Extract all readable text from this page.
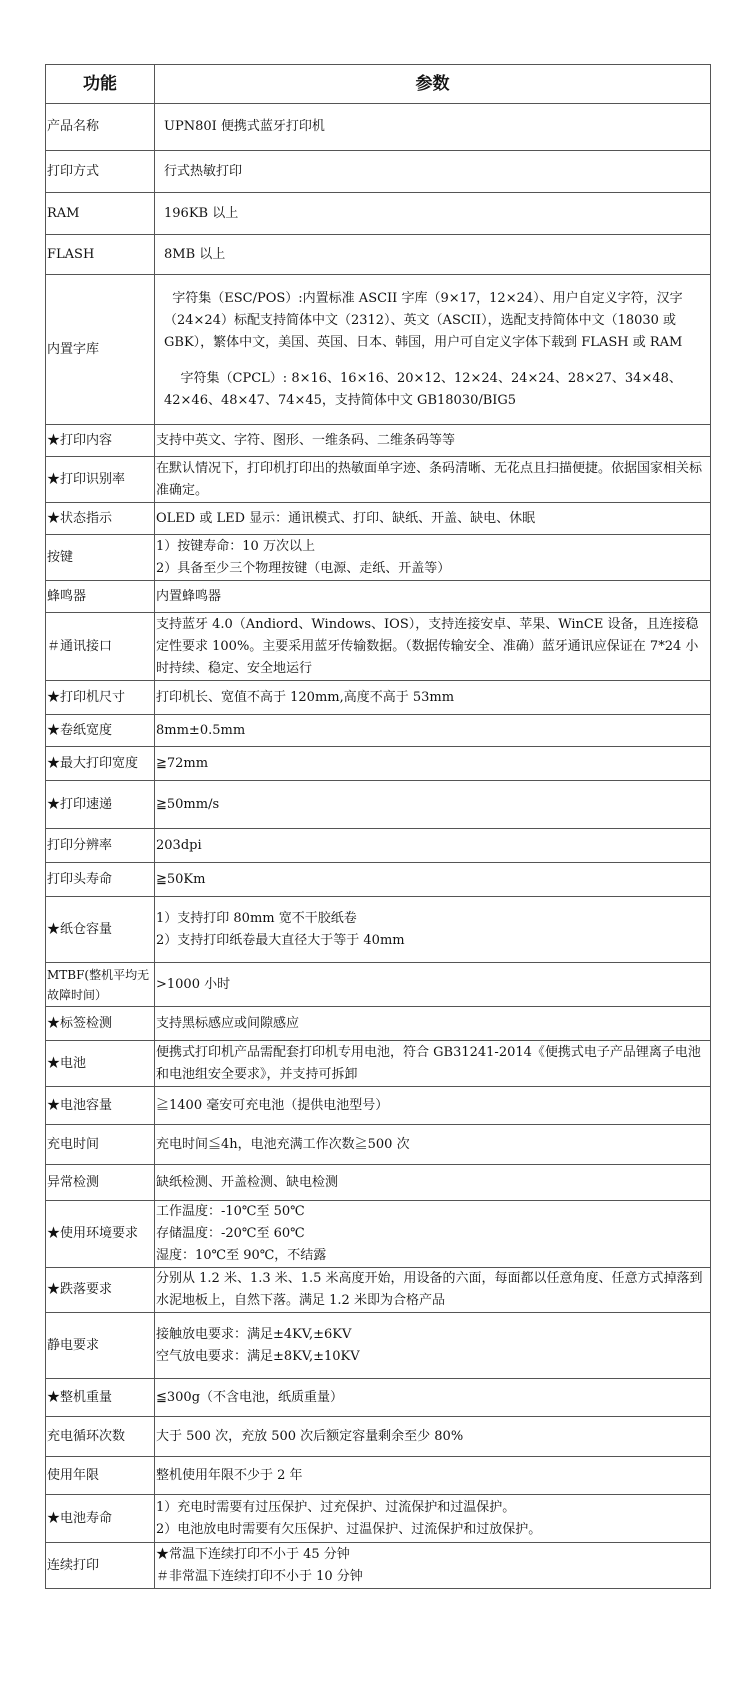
功能	参数
产品名称	UPN80I 便携式蓝牙打印机

打印方式	行式热敏打印

RAM	196KB 以上

FLASH	8MB 以上

内置字库	字符集（ESC/POS）:内置标准 ASCII 字库（9×17，12×24）、用户自定义字符，汉字（24×24）标配支持简体中文（2312）、英文（ASCII），选配支持简体中文（18030 或 GBK），繁体中文，美国、英国、日本、韩国，用户可自定义字体下载到 FLASH 或 RAM
字符集（CPCL）: 8×16、16×16、20×12、12×24、24×24、28×27、34×48、42×46、48×47、74×45，支持简体中文 GB18030/BIG5

★打印内容	支持中英文、字符、图形、一维条码、二维条码等等

★打印识别率	在默认情况下，打印机打印出的热敏面单字迹、条码清晰、无花点且扫描便捷。依据国家相关标准确定。

★状态指示	OLED 或 LED 显示：通讯模式、打印、缺纸、开盖、缺电、休眠

按键	1）按键寿命：10 万次以上
2）具备至少三个物理按键（电源、走纸、开盖等）

蜂鸣器	内置蜂鸣器

＃通讯接口	支持蓝牙 4.0（Andiord、Windows、IOS），支持连接安卓、苹果、WinCE 设备，且连接稳定性要求 100%。主要采用蓝牙传输数据。（数据传输安全、准确）蓝牙通讯应保证在 7*24 小时持续、稳定、安全地运行

★打印机尺寸	打印机长、宽值不高于 120mm,高度不高于 53mm

★卷纸宽度	8mm±0.5mm

★最大打印宽度	≧72mm

★打印速递	≧50mm/s

打印分辨率	203dpi

打印头寿命	≧50Km

★纸仓容量	1）支持打印 80mm 宽不干胶纸卷
2）支持打印纸卷最大直径大于等于 40mm

MTBF(整机平均无故障时间）	>1000 小时

★标签检测	支持黑标感应或间隙感应

★电池	便携式打印机产品需配套打印机专用电池，符合 GB31241-2014《便携式电子产品锂离子电池和电池组安全要求》，并支持可拆卸

★电池容量	≧1400 毫安可充电池（提供电池型号）

充电时间	充电时间≦4h，电池充满工作次数≧500 次

异常检测	缺纸检测、开盖检测、缺电检测

★使用环境要求	工作温度：-10℃至 50℃
存储温度：-20℃至 60℃
湿度：10℃至 90℃，不结露

★跌落要求	分别从 1.2 米、1.3 米、1.5 米高度开始，用设备的六面，每面都以任意角度、任意方式掉落到水泥地板上，自然下落。满足 1.2 米即为合格产品

静电要求	接触放电要求：满足±4KV,±6KV
空气放电要求：满足±8KV,±10KV

★整机重量	≦300g（不含电池，纸质重量）

充电循环次数	大于 500 次，充放 500 次后额定容量剩余至少 80%

使用年限	整机使用年限不少于 2 年

★电池寿命	1）充电时需要有过压保护、过充保护、过流保护和过温保护。
2）电池放电时需要有欠压保护、过温保护、过流保护和过放保护。

连续打印	★常温下连续打印不小于 45 分钟
＃非常温下连续打印不小于 10 分钟
